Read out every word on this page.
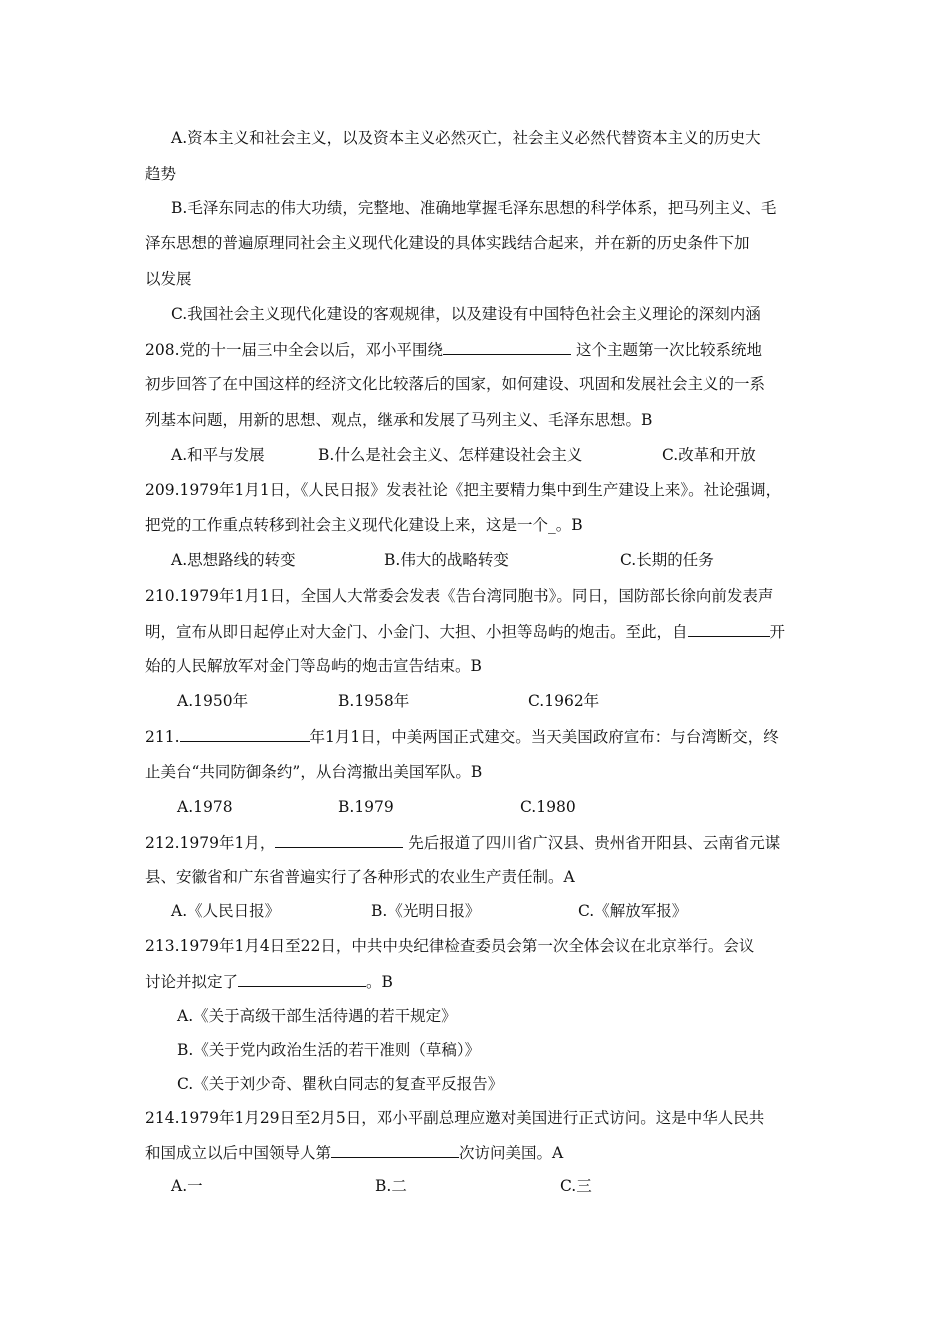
A.资本主义和社会主义，以及资本主义必然灭亡，社会主义必然代替资本主义的历史大
趋势
B.毛泽东同志的伟大功绩，完整地、准确地掌握毛泽东思想的科学体系，把马列主义、毛
泽东思想的普遍原理同社会主义现代化建设的具体实践结合起来，并在新的历史条件下加
以发展
C.我国社会主义现代化建设的客观规律，以及建设有中国特色社会主义理论的深刻内涵
208.党的十一届三中全会以后，邓小平围绕	这个主题第一次比较系统地
初步回答了在中国这样的经济文化比较落后的国家，如何建设、巩固和发展社会主义的一系
列基本问题，用新的思想、观点，继承和发展了马列主义、毛泽东思想。B
A.和平与发展	B.什么是社会主义、怎样建设社会主义	C.改革和开放
209.1979年1月1日，《人民日报》发表社论《把主要精力集中到生产建设上来》。社论强调，
把党的工作重点转移到社会主义现代化建设上来，这是一个_。B
A.思想路线的转变	B.伟大的战略转变	C.长期的任务
210.1979年1月1日，全国人大常委会发表《告台湾同胞书》。同日，国防部长徐向前发表声
明，宣布从即日起停止对大金门、小金门、大担、小担等岛屿的炮击。至此，自	开
始的人民解放军对金门等岛屿的炮击宣告结束。B
A.1950年	B.1958年	C.1962年
211.	年1月1日，中美两国正式建交。当天美国政府宣布：与台湾断交，终
止美台“共同防御条约”，从台湾撤出美国军队。B
A.1978	B.1979	C.1980
212.1979年1月，	先后报道了四川省广汉县、贵州省开阳县、云南省元谋
县、安徽省和广东省普遍实行了各种形式的农业生产责任制。A
A.《人民日报》	B.《光明日报》	C.《解放军报》
213.1979年1月4日至22日，中共中央纪律检查委员会第一次全体会议在北京举行。会议
讨论并拟定了	。B
A.《关于高级干部生活待遇的若干规定》
B.《关于党内政治生活的若干准则（草稿）》
C.《关于刘少奇、瞿秋白同志的复查平反报告》
214.1979年1月29日至2月5日，邓小平副总理应邀对美国进行正式访问。这是中华人民共
和国成立以后中国领导人第	次访问美国。A
A.一	B.二	C.三
